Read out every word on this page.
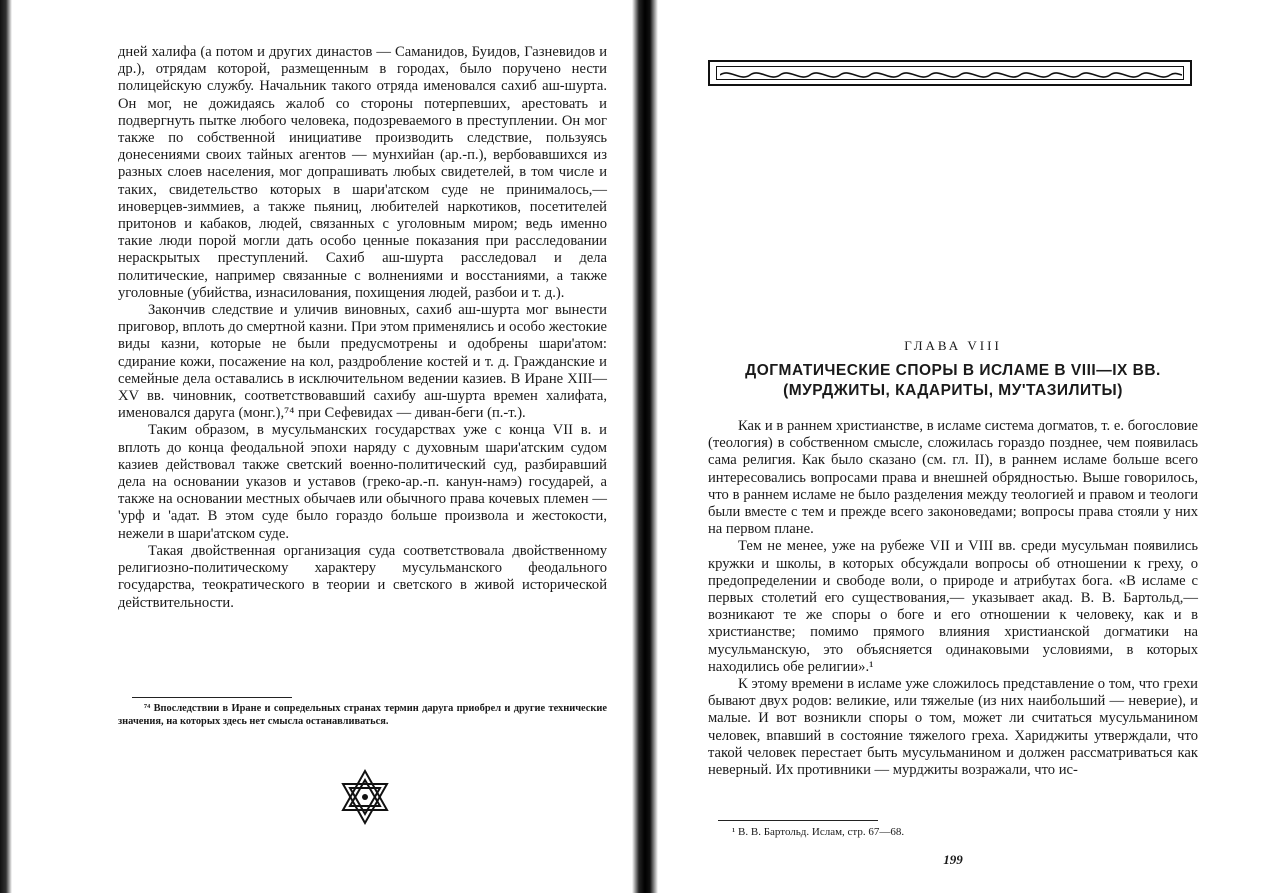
дней халифа (а потом и других династов — Саманидов, Буидов, Газневидов и др.), отрядам которой, размещенным в городах, было поручено нести полицейскую службу. Начальник такого отряда именовался сахиб аш-шурта. Он мог, не дожидаясь жалоб со стороны потерпевших, арестовать и подвергнуть пытке любого человека, подозреваемого в преступлении. Он мог также по собственной инициативе производить следствие, пользуясь донесениями своих тайных агентов — мунхийан (ар.-п.), вербовавшихся из разных слоев населения, мог допрашивать любых свидетелей, в том числе и таких, свидетельство которых в шари'атском суде не принималось,— иноверцев-зиммиев, а также пьяниц, любителей наркотиков, посетителей притонов и кабаков, людей, связанных с уголовным миром; ведь именно такие люди порой могли дать особо ценные показания при расследовании нераскрытых преступлений. Сахиб аш-шурта расследовал и дела политические, например связанные с волнениями и восстаниями, а также уголовные (убийства, изнасилования, похищения людей, разбои и т. д.).

Закончив следствие и уличив виновных, сахиб аш-шурта мог вынести приговор, вплоть до смертной казни. При этом применялись и особо жестокие виды казни, которые не были предусмотрены и одобрены шари'атом: сдирание кожи, посажение на кол, раздробление костей и т. д. Гражданские и семейные дела оставались в исключительном ведении казиев. В Иране XIII—XV вв. чиновник, соответствовавший сахибу аш-шурта времен халифата, именовался даруга (монг.),⁷⁴ при Сефевидах — диван-беги (п.-т.).

Таким образом, в мусульманских государствах уже с конца VII в. и вплоть до конца феодальной эпохи наряду с духовным шари'атским судом казиев действовал также светский военно-политический суд, разбиравший дела на основании указов и уставов (греко-ар.-п. канун-намэ) государей, а также на основании местных обычаев или обычного права кочевых племен — 'урф и 'адат. В этом суде было гораздо больше произвола и жестокости, нежели в шари'атском суде.

Такая двойственная организация суда соответствовала двойственному религиозно-политическому характеру мусульманского феодального государства, теократического в теории и светского в живой исторической действительности.

⁷⁴ Впоследствии в Иране и сопредельных странах термин даруга приобрел и другие технические значения, на которых здесь нет смысла останавливаться.
ГЛАВА VIII
ДОГМАТИЧЕСКИЕ СПОРЫ В ИСЛАМЕ В VIII—IX ВВ.
(МУРДЖИТЫ, КАДАРИТЫ, МУ'ТАЗИЛИТЫ)

Как и в раннем христианстве, в исламе система догматов, т. е. богословие (теология) в собственном смысле, сложилась гораздо позднее, чем появилась сама религия. Как было сказано (см. гл. II), в раннем исламе больше всего интересовались вопросами права и внешней обрядностью. Выше говорилось, что в раннем исламе не было разделения между теологией и правом и теологи были вместе с тем и прежде всего законоведами; вопросы права стояли у них на первом плане.

Тем не менее, уже на рубеже VII и VIII вв. среди мусульман появились кружки и школы, в которых обсуждали вопросы об отношении к греху, о предопределении и свободе воли, о природе и атрибутах бога. «В исламе с первых столетий его существования,— указывает акад. В. В. Бартольд,— возникают те же споры о боге и его отношении к человеку, как и в христианстве; помимо прямого влияния христианской догматики на мусульманскую, это объясняется одинаковыми условиями, в которых находились обе религии».¹

К этому времени в исламе уже сложилось представление о том, что грехи бывают двух родов: великие, или тяжелые (из них наибольший — неверие), и малые. И вот возникли споры о том, может ли считаться мусульманином человек, впавший в состояние тяжелого греха. Хариджиты утверждали, что такой человек перестает быть мусульманином и должен рассматриваться как неверный. Их противники — мурджиты возражали, что ис-

¹ В. В. Бартольд. Ислам, стр. 67—68.
199
